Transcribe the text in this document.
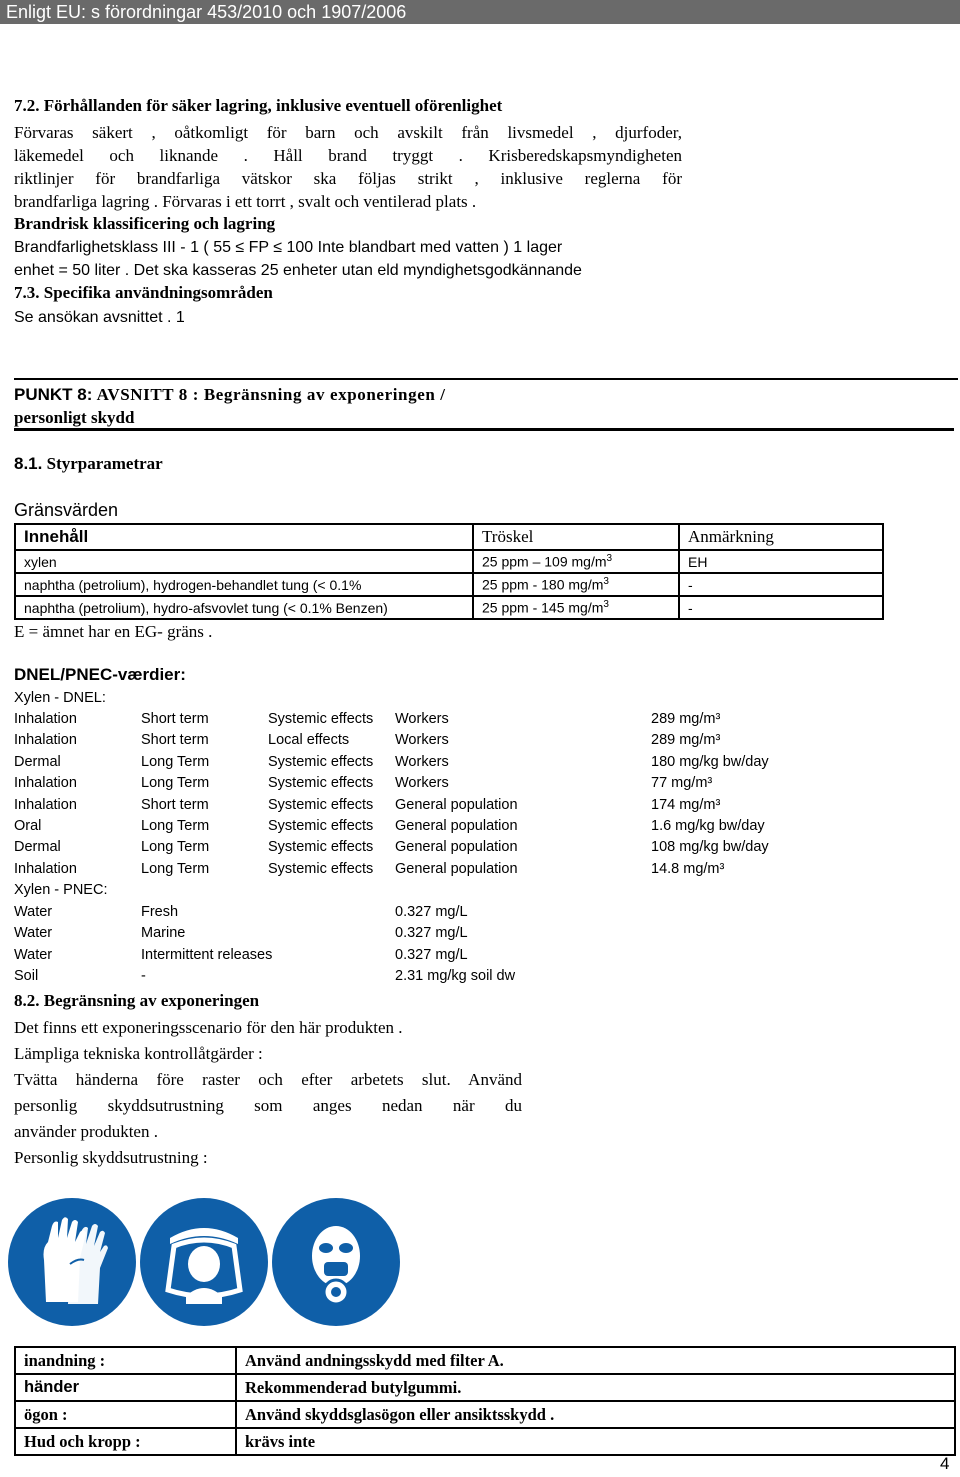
Enligt EU: s förordningar 453/2010 och 1907/2006
7.2. Förhållanden för säker lagring, inklusive eventuell oförenlighet
Förvaras säkert , oåtkomligt för barn och avskilt från livsmedel , djurfoder,
läkemedel och liknande . Håll brand tryggt . Krisberedskapsmyndigheten
riktlinjer för brandfarliga vätskor ska följas strikt , inklusive reglerna för
brandfarliga lagring . Förvaras i ett torrt , svalt och ventilerad plats .
Brandrisk klassificering och lagring
Brandfarlighetsklass III - 1 ( 55 ≤ FP ≤ 100 Inte blandbart med vatten ) 1 lager
enhet = 50 liter . Det ska kasseras 25 enheter utan eld myndighetsgodkännande
7.3. Specifika användningsområden
Se ansökan avsnittet . 1
PUNKT 8: AVSNITT 8 : Begränsning av exponeringen /
personligt skydd
8.1. Styrparametrar
Gränsvärden
Innehåll	Tröskel	Anmärkning
xylen	25 ppm – 109 $mg/m^3$	EH
naphtha (petrolium), hydrogen-behandlet tung (< 0.1%	25 ppm - 180 $mg/m^3$	-
naphtha (petrolium), hydro-afsvovlet tung (< 0.1% Benzen)	25 ppm - 145 $mg/m^3$	-
E = ämnet har en EG- gräns .
DNEL/PNEC-værdier:
Xylen - DNEL:
Inhalation	Short term	Systemic effects Workers	289 mg/m³
Inhalation	Short term	Local effects	Workers	289 mg/m³
Dermal	Long Term	Systemic effects Workers	180 mg/kg bw/day
Inhalation	Long Term	Systemic effects Workers	77 mg/m³
Inhalation	Short term	Systemic effects General population	174 mg/m³
Oral	Long Term	Systemic effects General population	1.6 mg/kg bw/day
Dermal	Long Term	Systemic effects General population	108 mg/kg bw/day
Inhalation	Long Term	Systemic effects General population	14.8 mg/m³
Xylen - PNEC:
Water	Fresh	0.327 mg/L
Water	Marine	0.327 mg/L
Water	Intermittent releases	0.327 mg/L
Soil	-	2.31 mg/kg soil dw
8.2. Begränsning av exponeringen
Det finns ett exponeringsscenario för den här produkten .
Lämpliga tekniska kontrollåtgärder :
Tvätta händerna före raster och efter arbetets slut. Använd
personlig skyddsutrustning som anges nedan när du
använder produkten .
Personlig skyddsutrustning :
inandning :	Använd andningsskydd med filter A.
händer	Rekommenderad butylgummi.
ögon :	Använd skyddsglasögon eller ansiktsskydd .
Hud och kropp :	krävs inte
4
